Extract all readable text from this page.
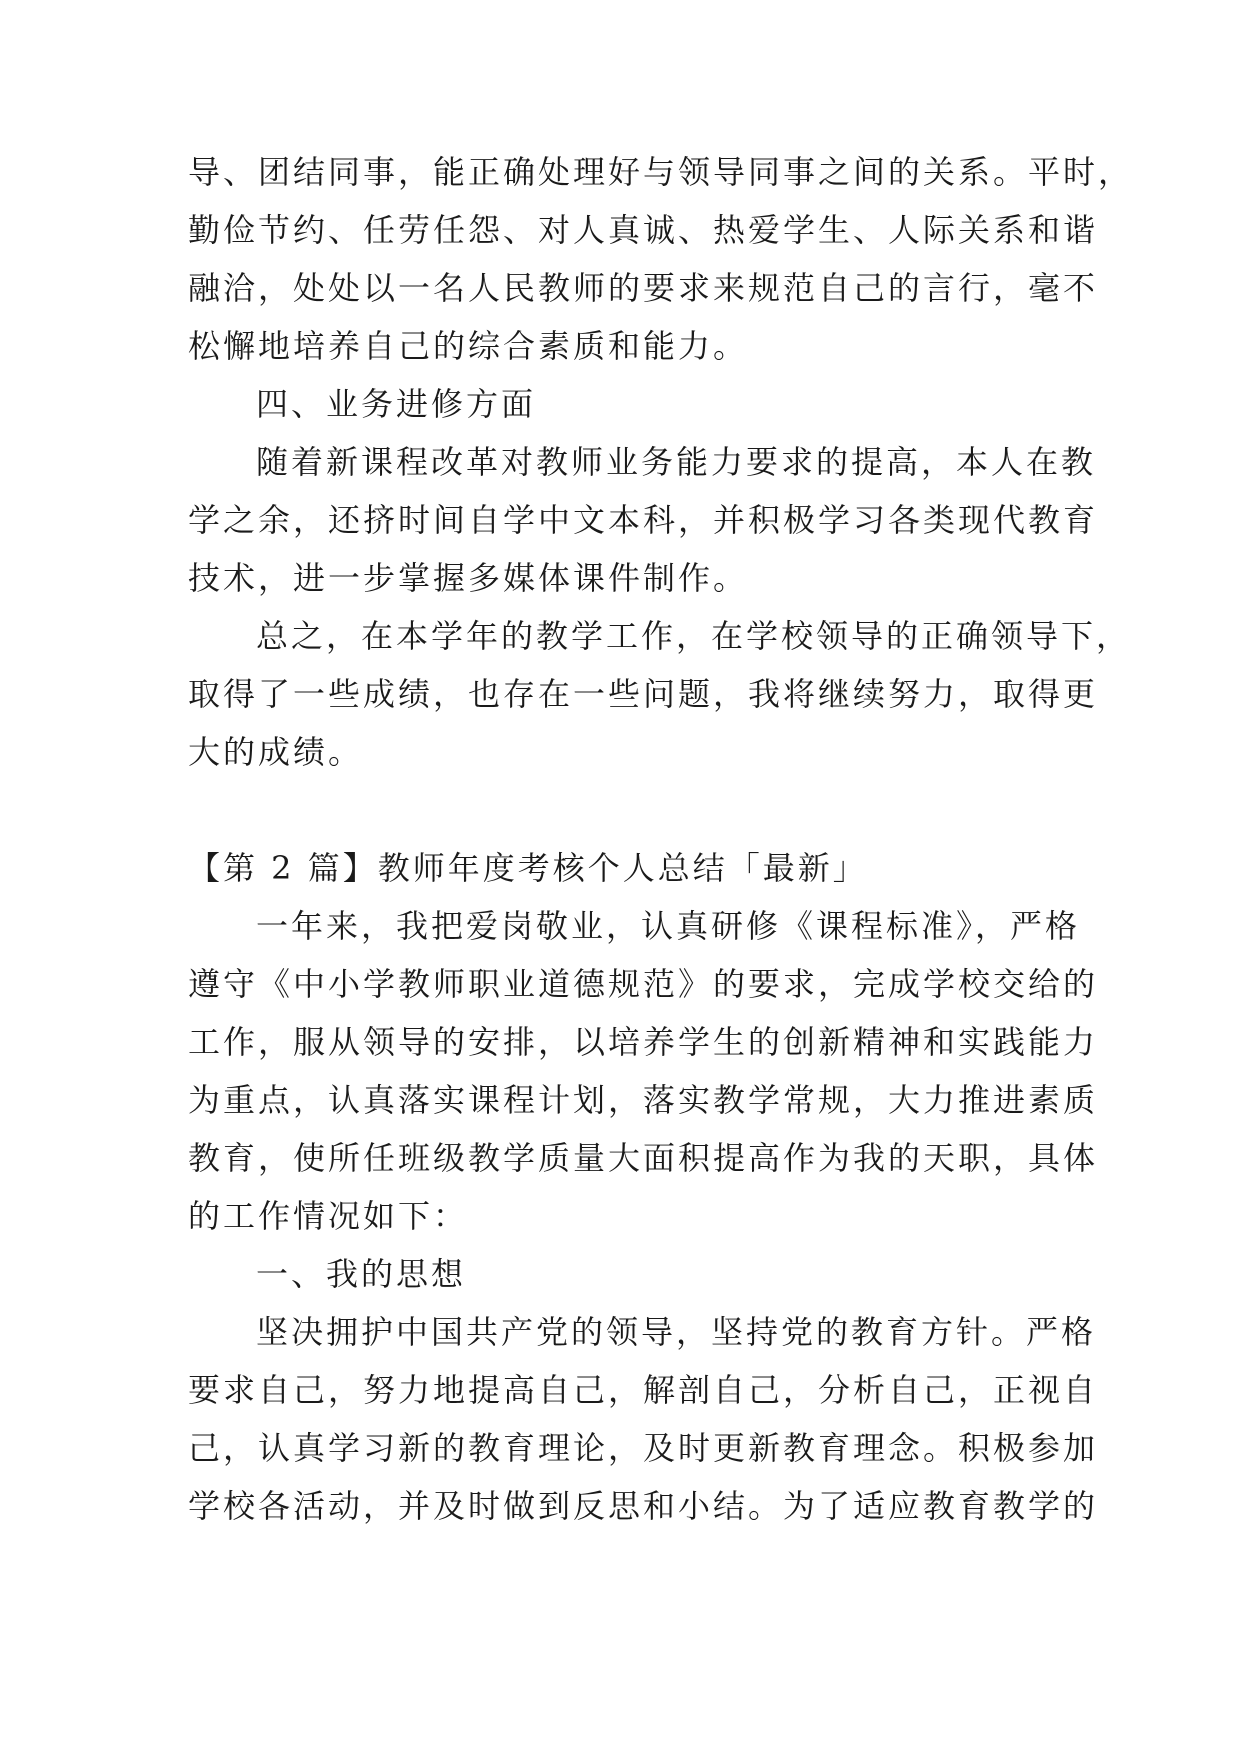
导、团结同事，能正确处理好与领导同事之间的关系。平时，
勤俭节约、任劳任怨、对人真诚、热爱学生、人际关系和谐
融洽，处处以一名人民教师的要求来规范自己的言行，毫不
松懈地培养自己的综合素质和能力。
四、业务进修方面
随着新课程改革对教师业务能力要求的提高，本人在教
学之余，还挤时间自学中文本科，并积极学习各类现代教育
技术，进一步掌握多媒体课件制作。
总之，在本学年的教学工作，在学校领导的正确领导下，
取得了一些成绩，也存在一些问题，我将继续努力，取得更
大的成绩。
【第 2 篇】教师年度考核个人总结「最新」
一年来，我把爱岗敬业，认真研修《课程标准》，严格
遵守《中小学教师职业道德规范》的要求，完成学校交给的
工作，服从领导的安排，以培养学生的创新精神和实践能力
为重点，认真落实课程计划，落实教学常规，大力推进素质
教育，使所任班级教学质量大面积提高作为我的天职，具体
的工作情况如下：
一、我的思想
坚决拥护中国共产党的领导，坚持党的教育方针。严格
要求自己，努力地提高自己，解剖自己，分析自己，正视自
己，认真学习新的教育理论，及时更新教育理念。积极参加
学校各活动，并及时做到反思和小结。为了适应教育教学的
